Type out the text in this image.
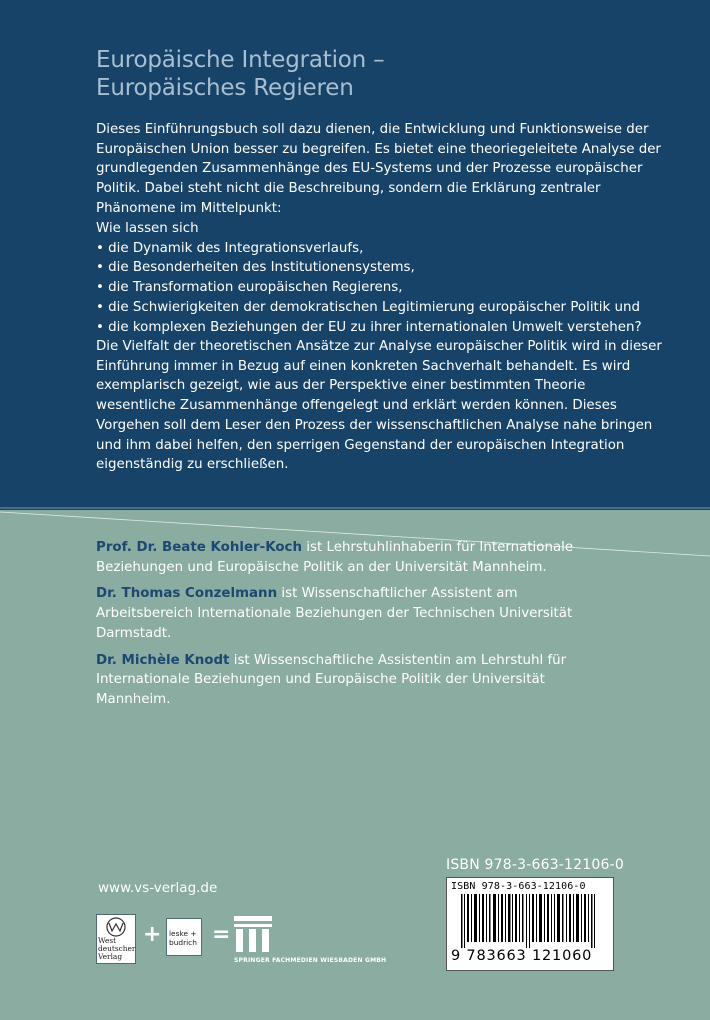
Europäische Integration –
Europäisches Regieren

Dieses Einführungsbuch soll dazu dienen, die Entwicklung und Funktionsweise der Europäischen Union besser zu begreifen. Es bietet eine theoriegeleitete Analyse der grundlegenden Zusammenhänge des EU-Systems und der Prozesse europäischer Politik. Dabei steht nicht die Beschreibung, sondern die Erklärung zentraler Phänomene im Mittelpunkt:

Wie lassen sich
• die Dynamik des Integrationsverlaufs,
• die Besonderheiten des Institutionensystems,
• die Transformation europäischen Regierens,
• die Schwierigkeiten der demokratischen Legitimierung europäischer Politik und
• die komplexen Beziehungen der EU zu ihrer internationalen Umwelt verstehen?

Die Vielfalt der theoretischen Ansätze zur Analyse europäischer Politik wird in dieser Einführung immer in Bezug auf einen konkreten Sachverhalt behandelt. Es wird exemplarisch gezeigt, wie aus der Perspektive einer bestimmten Theorie wesentliche Zusammenhänge offengelegt und erklärt werden können. Dieses Vorgehen soll dem Leser den Prozess der wissenschaftlichen Analyse nahe bringen und ihm dabei helfen, den sperrigen Gegenstand der europäischen Integration eigenständig zu erschließen.

Prof. Dr. Beate Kohler-Koch ist Lehrstuhlinhaberin für Internationale Beziehungen und Europäische Politik an der Universität Mannheim.
Dr. Thomas Conzelmann ist Wissenschaftlicher Assistent am Arbeitsbereich Internationale Beziehungen der Technischen Universität Darmstadt.
Dr. Michèle Knodt ist Wissenschaftliche Assistentin am Lehrstuhl für Internationale Beziehungen und Europäische Politik der Universität Mannheim.
www.vs-verlag.de
West deutscher Verlag
+	leske + budrich =
SPRINGER FACHMEDIEN WIESBADEN GMBH
ISBN 978-3-663-12106-0
ISBN 978-3-663-12106-0
9 783663 121060
